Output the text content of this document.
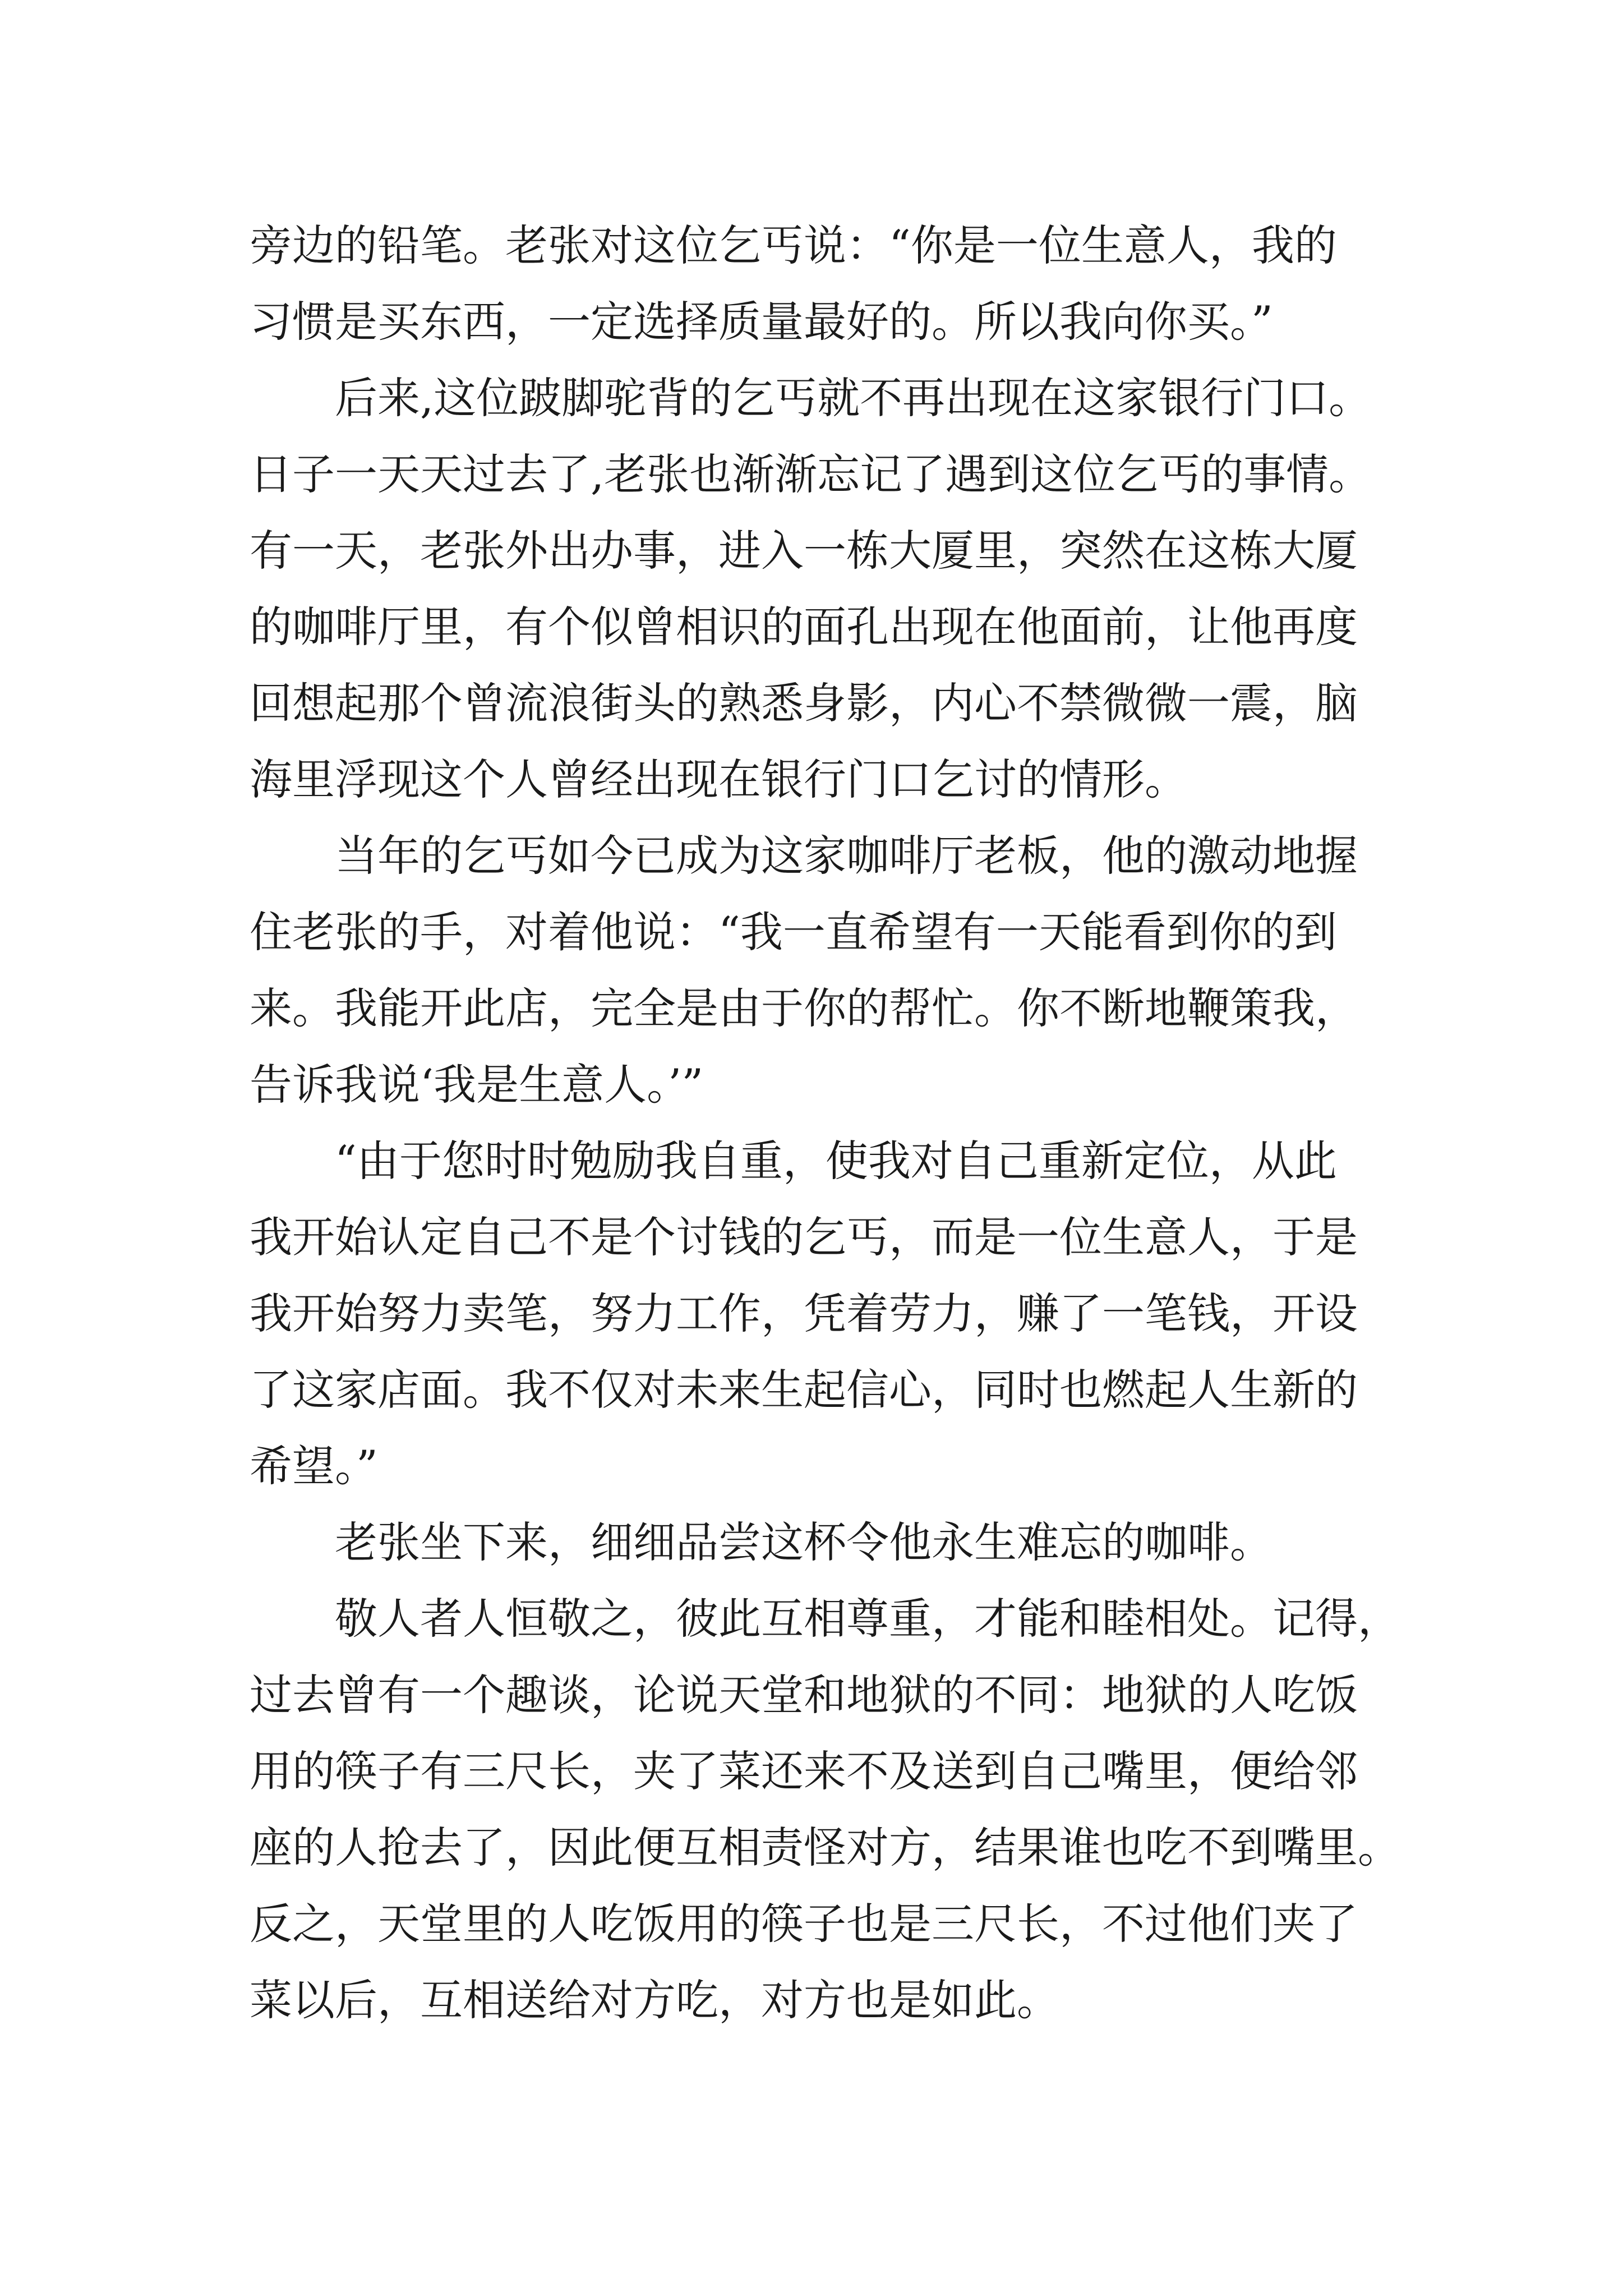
旁边的铅笔。老张对这位乞丐说：“你是一位生意人，我的
习惯是买东西，一定选择质量最好的。所以我向你买。”
后来,这位跛脚驼背的乞丐就不再出现在这家银行门口。
日子一天天过去了,老张也渐渐忘记了遇到这位乞丐的事情。
有一天，老张外出办事，进入一栋大厦里，突然在这栋大厦
的咖啡厅里，有个似曾相识的面孔出现在他面前，让他再度
回想起那个曾流浪街头的熟悉身影，内心不禁微微一震，脑
海里浮现这个人曾经出现在银行门口乞讨的情形。
当年的乞丐如今已成为这家咖啡厅老板，他的激动地握
住老张的手，对着他说：“我一直希望有一天能看到你的到
来。我能开此店，完全是由于你的帮忙。你不断地鞭策我，
告诉我说‘我是生意人。’”
“由于您时时勉励我自重，使我对自己重新定位，从此
我开始认定自己不是个讨钱的乞丐，而是一位生意人，于是
我开始努力卖笔，努力工作，凭着劳力，赚了一笔钱，开设
了这家店面。我不仅对未来生起信心，同时也燃起人生新的
希望。”
老张坐下来，细细品尝这杯令他永生难忘的咖啡。
敬人者人恒敬之，彼此互相尊重，才能和睦相处。记得，
过去曾有一个趣谈，论说天堂和地狱的不同：地狱的人吃饭
用的筷子有三尺长，夹了菜还来不及送到自己嘴里，便给邻
座的人抢去了，因此便互相责怪对方，结果谁也吃不到嘴里。
反之，天堂里的人吃饭用的筷子也是三尺长，不过他们夹了
菜以后，互相送给对方吃，对方也是如此。
